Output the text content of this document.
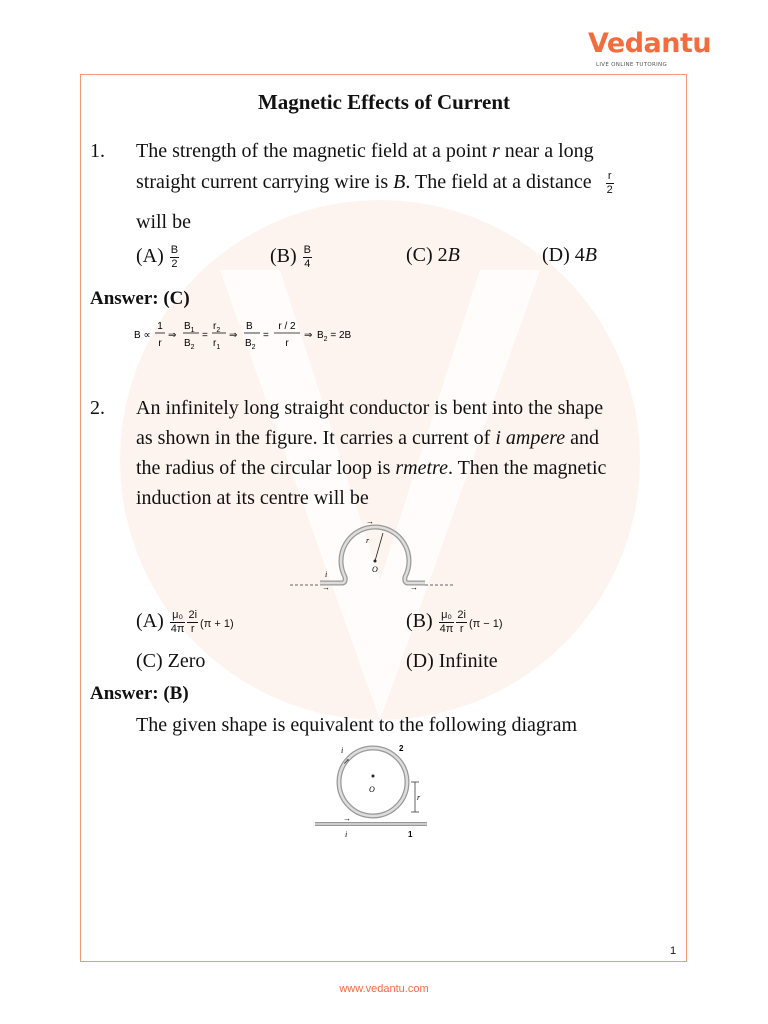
Vedantu
LIVE ONLINE TUTORING
Magnetic Effects of Current
1. The strength of the magnetic field at a point r near a long
straight current carrying wire is B. The field at a distance $\frac{r}{2}$
will be
$(A) \frac{B}{2}$	$(B) \frac{B}{4}$	(C) 2B	(D) 4B
Answer: (C)
B ∝
1
r
⇒
$B_1$
$B_2$
=
$r_2$
$r_1$
⇒
B
$B_2$
=
r / 2
r
⇒ $B_2 = 2B$
2. An infinitely long straight conductor is bent into the shape
as shown in the figure. It carries a current of i ampere and
the radius of the circular loop is rmetre. Then the magnetic
induction at its centre will be
r
O
i
→
→	→
$(A) \frac{\text{μ₀}}{4\pi} \frac{2i}{r} (\pi + 1)$	$(B) \frac{\text{μ₀}}{4\pi} \frac{2i}{r} (\pi - 1)$
(C) Zero	(D) Infinite
Answer: (B)
The given shape is equivalent to the following diagram
i	2
O
r
i	1
↗
→
1
www.vedantu.com
